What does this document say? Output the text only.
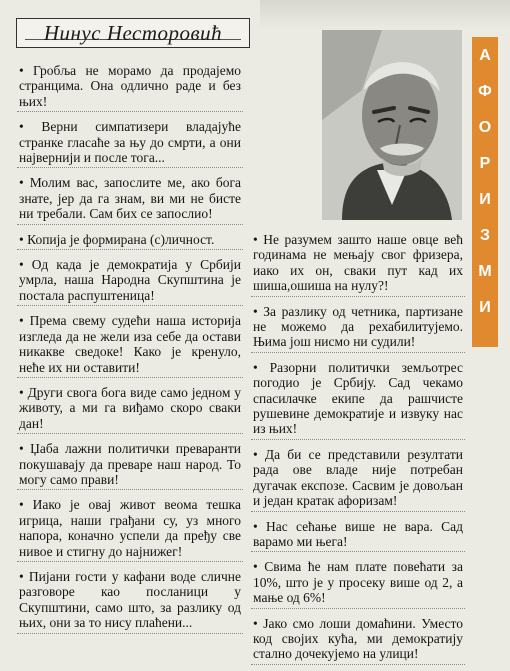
Нинус Несторовић

• Гробља не морамо да продајемо странцима. Она одлично раде и без њих!

• Верни симпатизери владајуће странке гласаће за њу до смрти, а они највернији и после тога...

• Молим вас, запослите ме, ако бога знате, јер да га знам, ви ми не бисте ни требали. Сам бих се запослио!

• Копија је формирана (с)личност.

• Од када је демократија у Србији умрла, наша Народна Скупштина је постала распуштеница!

• Према свему судећи наша историја изгледа да не жели иза себе да остави никакве сведоке! Како је кренуло, неће их ни оставити!

• Други свога бога виде само једном у животу, а ми га виђамо скоро сваки дан!

• Џаба лажни политички преваранти покушавају да преваре наш народ. То могу само прави!

• Иако је овај живот веома тешка игрица, наши грађани су, уз много напора, коначно успели да пређу све нивое и стигну до најнижег!

• Пијани гости у кафани воде сличне разговоре као посланици у Скупштини, само што, за разлику од њих, они за то нису плаћени...

А
Ф
О
Р
И
З
М
И

• Не разумем зашто наше овце већ годинама не мењају свог фризера, иако их он, сваки пут кад их шиша,ошиша на нулу?!

• За разлику од четника, партизане не можемо да рехабилитујемо. Њима још нисмо ни судили!

• Разорни политички земљотрес погодио је Србију. Сад чекамо спасилачке екипе да рашчисте рушевине демократије и извуку нас из њих!

• Да би се представили резултати рада ове владе није потребан дугачак експозе. Сасвим је довољан и један кратак афоризам!

• Нас сећање више не вара. Сад варамо ми њега!

• Свима ће нам плате повећати за 10%, што је у просеку више од 2, а мање од 6%!

• Јако смо лоши домаћини. Уместо код својих кућа, ми демократију стално дочекујемо на улици!
